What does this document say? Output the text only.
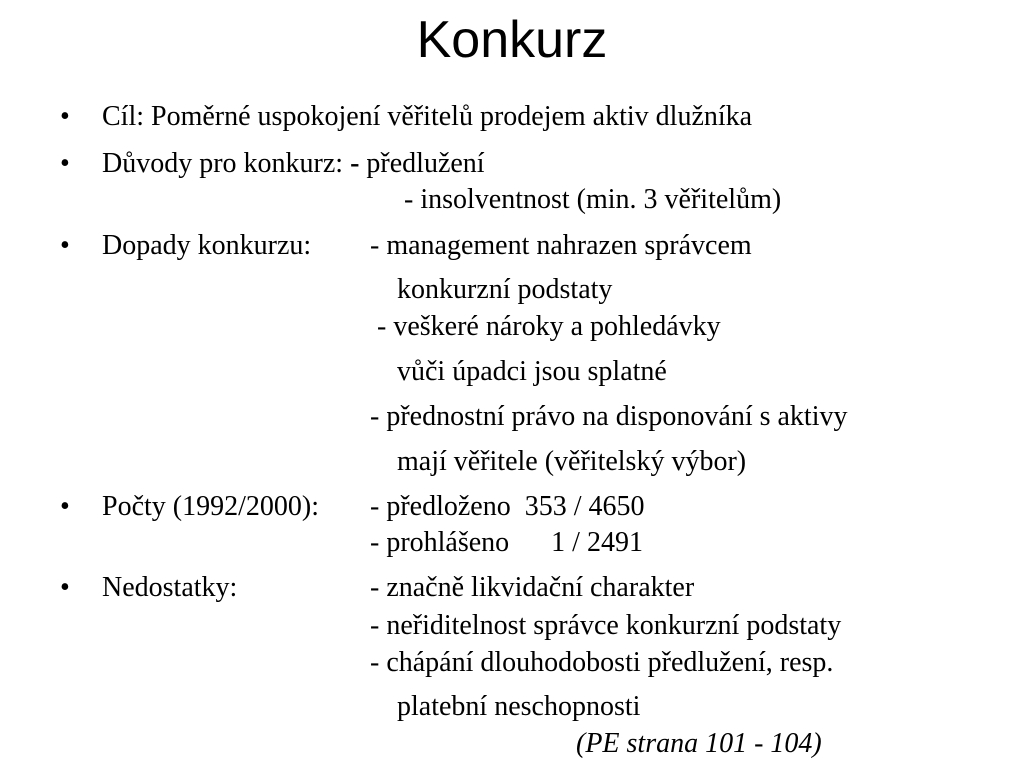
Konkurz
• Cíl: Poměrné uspokojení věřitelů prodejem aktiv dlužníka
• Důvody pro konkurz: - předlužení
- insolventnost (min. 3 věřitelům)
• Dopady konkurzu: - management nahrazen správcem
konkurzní podstaty
- veškeré nároky a pohledávky
vůči úpadci jsou splatné
- přednostní právo na disponování s aktivy
mají věřitele (věřitelský výbor)
• Počty (1992/2000): - předloženo  353 / 4650
- prohlášeno      1 / 2491
• Nedostatky:	- značně likvidační charakter
- neřiditelnost správce konkurzní podstaty
- chápání dlouhodobosti předlužení, resp.
platební neschopnosti
(PE strana 101 - 104)
